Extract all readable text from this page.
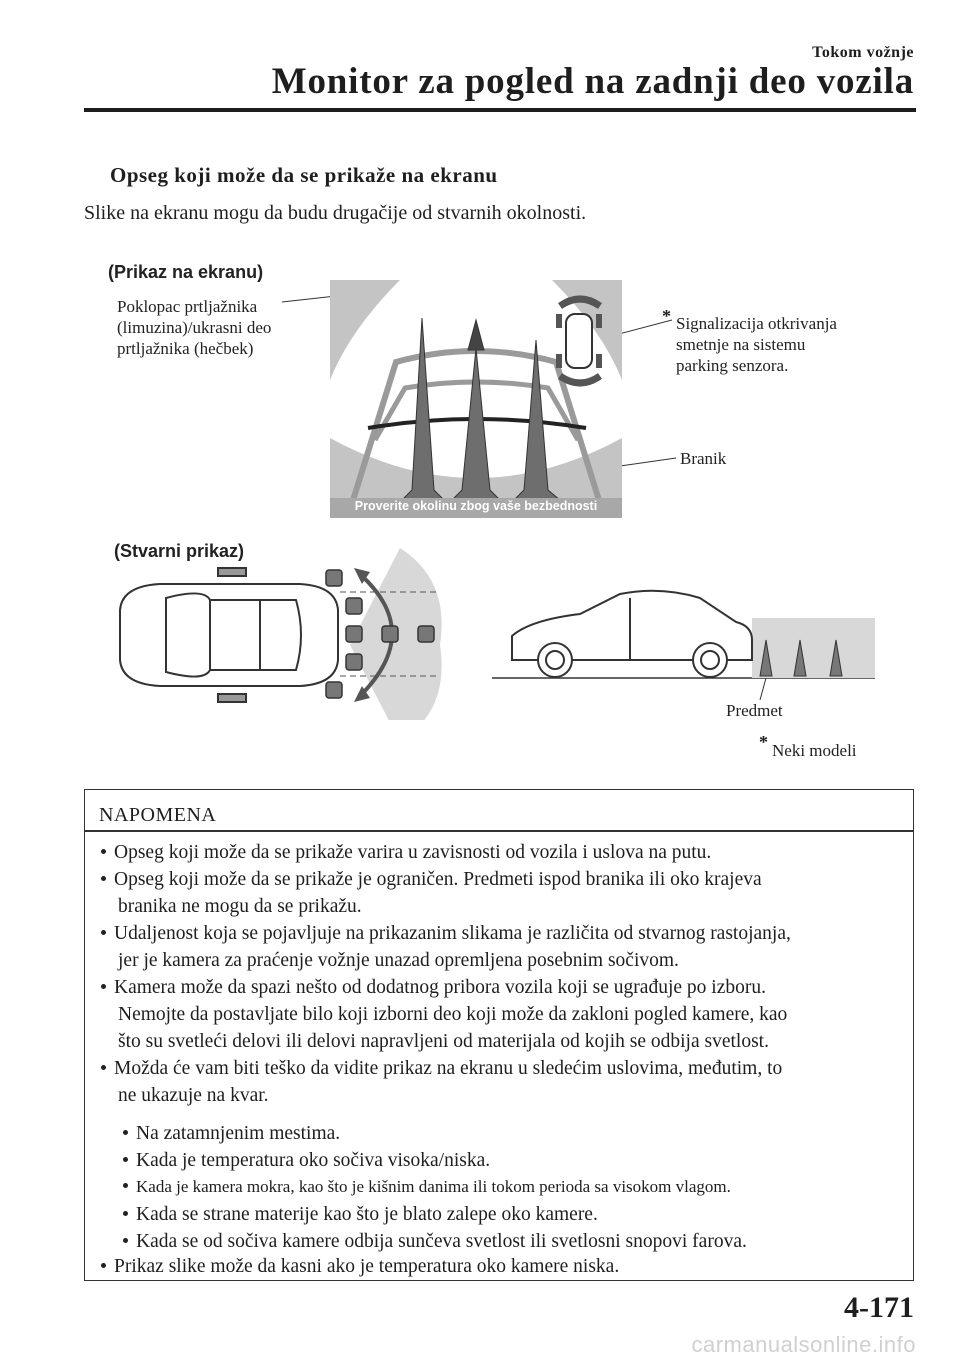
Tokom vožnje
Monitor za pogled na zadnji deo vozila
Opseg koji može da se prikaže na ekranu
Slike na ekranu mogu da budu drugačije od stvarnih okolnosti.
(Prikaz na ekranu)
Poklopac prtljažnika
(limuzina)/ukrasni deo
prtljažnika (hečbek)
Signalizacija otkrivanja
smetnje na sistemu
parking senzora.
*
Branik
Proverite okolinu zbog vaše bezbednosti
(Stvarni prikaz)
Predmet
* Neki modeli
NAPOMENA
Opseg koji može da se prikaže varira u zavisnosti od vozila i uslova na putu.
Opseg koji može da se prikaže je ograničen. Predmeti ispod branika ili oko krajeva
branika ne mogu da se prikažu.
Udaljenost koja se pojavljuje na prikazanim slikama je različita od stvarnog rastojanja,
jer je kamera za praćenje vožnje unazad opremljena posebnim sočivom.
Kamera može da spazi nešto od dodatnog pribora vozila koji se ugrađuje po izboru.
Nemojte da postavljate bilo koji izborni deo koji može da zakloni pogled kamere, kao
što su svetleći delovi ili delovi napravljeni od materijala od kojih se odbija svetlost.
Možda će vam biti teško da vidite prikaz na ekranu u sledećim uslovima, međutim, to
ne ukazuje na kvar.
Na zatamnjenim mestima.
Kada je temperatura oko sočiva visoka/niska.
Kada je kamera mokra, kao što je kišnim danima ili tokom perioda sa visokom vlagom.
Kada se strane materije kao što je blato zalepe oko kamere.
Kada se od sočiva kamere odbija sunčeva svetlost ili svetlosni snopovi farova.
Prikaz slike može da kasni ako je temperatura oko kamere niska.
4-171
carmanualsonline.info
